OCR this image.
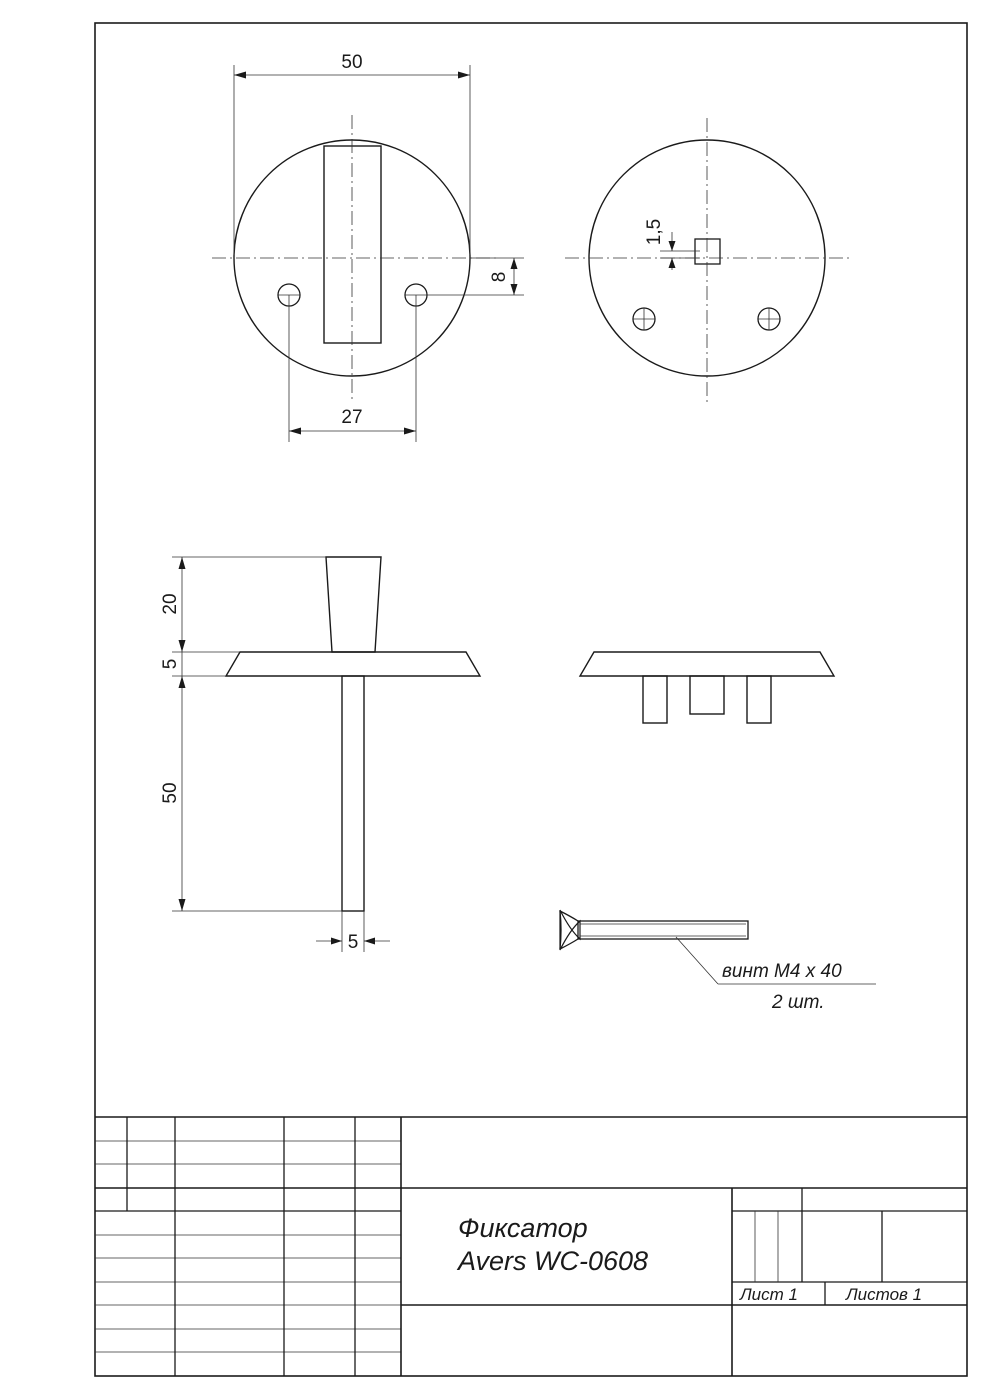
50
27
8
1,5
20
5
50
5
винт М4 х 40
2 шт.
Фиксатор
Avers WC-0608
Лист 1	Листов 1
